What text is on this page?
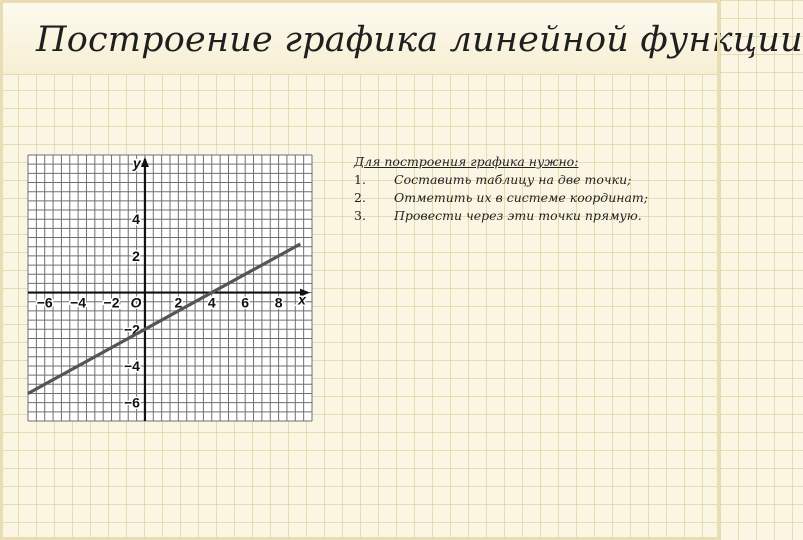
Построение графика линейной функции
−6 −4 −2	2 4 6 8
4
2
−2
−4
−6
x
y
O

Для построения графика нужно:

1.	Составить таблицу на две точки;
2.	Отметить их в системе координат;
3.	Провести через эти точки прямую.
